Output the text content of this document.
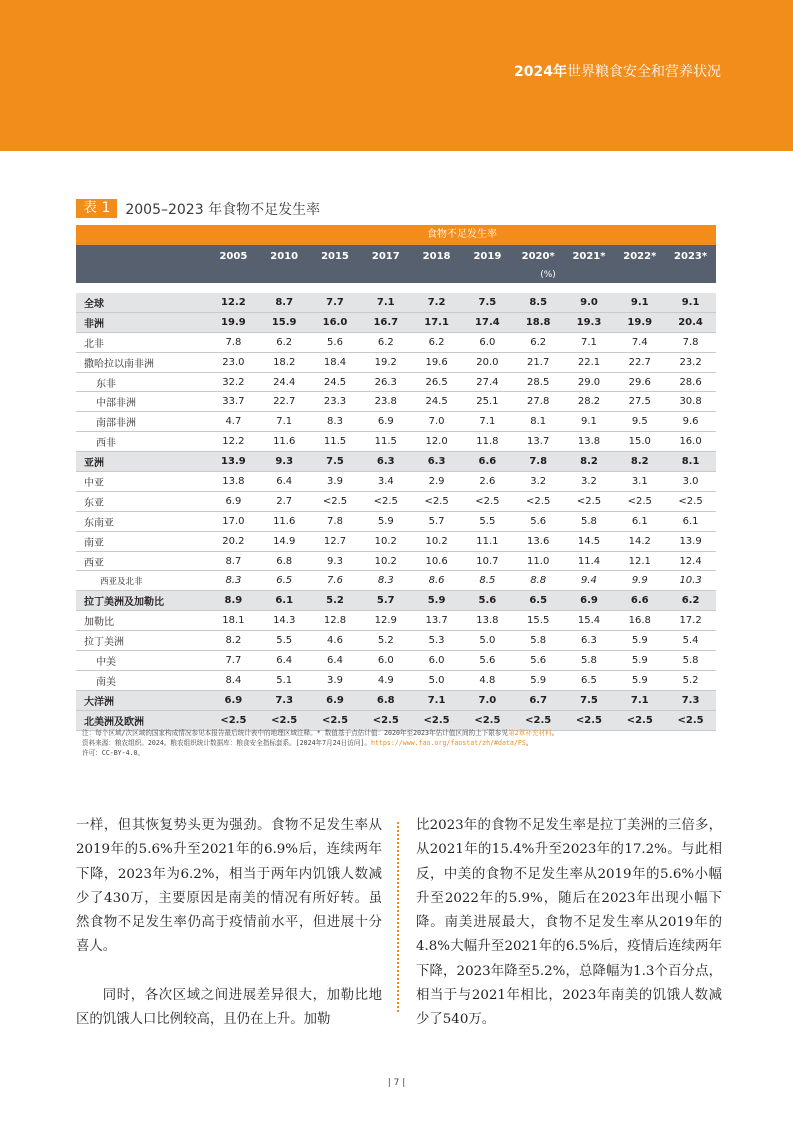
2024年世界粮食安全和营养状况
表 1	2005–2023 年食物不足发生率
食物不足发生率
2005	2010	2015	2017	2018	2019	2020*	2021*	2022*	2023*
(%)
全球	12.2	8.7	7.7	7.1	7.2	7.5	8.5	9.0	9.1	9.1
非洲	19.9	15.9	16.0	16.7	17.1	17.4	18.8	19.3	19.9	20.4
北非	7.8	6.2	5.6	6.2	6.2	6.0	6.2	7.1	7.4	7.8
撒哈拉以南非洲	23.0	18.2	18.4	19.2	19.6	20.0	21.7	22.1	22.7	23.2
东非	32.2	24.4	24.5	26.3	26.5	27.4	28.5	29.0	29.6	28.6
中部非洲	33.7	22.7	23.3	23.8	24.5	25.1	27.8	28.2	27.5	30.8
南部非洲	4.7	7.1	8.3	6.9	7.0	7.1	8.1	9.1	9.5	9.6
西非	12.2	11.6	11.5	11.5	12.0	11.8	13.7	13.8	15.0	16.0
亚洲	13.9	9.3	7.5	6.3	6.3	6.6	7.8	8.2	8.2	8.1
中亚	13.8	6.4	3.9	3.4	2.9	2.6	3.2	3.2	3.1	3.0
东亚	6.9	2.7	<2.5	<2.5	<2.5	<2.5	<2.5	<2.5	<2.5	<2.5
东南亚	17.0	11.6	7.8	5.9	5.7	5.5	5.6	5.8	6.1	6.1
南亚	20.2	14.9	12.7	10.2	10.2	11.1	13.6	14.5	14.2	13.9
西亚	8.7	6.8	9.3	10.2	10.6	10.7	11.0	11.4	12.1	12.4
西亚及北非	8.3	6.5	7.6	8.3	8.6	8.5	8.8	9.4	9.9	10.3
拉丁美洲及加勒比	8.9	6.1	5.2	5.7	5.9	5.6	6.5	6.9	6.6	6.2
加勒比	18.1	14.3	12.8	12.9	13.7	13.8	15.5	15.4	16.8	17.2
拉丁美洲	8.2	5.5	4.6	5.2	5.3	5.0	5.8	6.3	5.9	5.4
中美	7.7	6.4	6.4	6.0	6.0	5.6	5.6	5.8	5.9	5.8
南美	8.4	5.1	3.9	4.9	5.0	4.8	5.9	6.5	5.9	5.2
大洋洲	6.9	7.3	6.9	6.8	7.1	7.0	6.7	7.5	7.1	7.3
北美洲及欧洲	<2.5	<2.5	<2.5	<2.5	<2.5	<2.5	<2.5	<2.5	<2.5	<2.5
注：每个区域/次区域的国家构成情况参见本报告最后统计表中的地理区域注释。* 数值基于点估计值：2020年至2023年估计值区间的上下限参见第2章补充材料。
资料来源：粮农组织。2024。粮农组织统计数据库：粮食安全指标套系。[2024年7月24日访问]。https://www.fao.org/faostat/zh/#data/FS。
许可：CC-BY-4.0。

一样，但其恢复势头更为强劲。食物不足发生率从2019年的5.6%升至2021年的6.9%后，连续两年下降，2023年为6.2%，相当于两年内饥饿人数减少了430万，主要原因是南美的情况有所好转。虽然食物不足发生率仍高于疫情前水平，但进展十分喜人。

同时，各次区域之间进展差异很大，加勒比地区的饥饿人口比例较高，且仍在上升。加勒

比2023年的食物不足发生率是拉丁美洲的三倍多，从2021年的15.4%升至2023年的17.2%。与此相反，中美的食物不足发生率从2019年的5.6%小幅升至2022年的5.9%，随后在2023年出现小幅下降。南美进展最大，食物不足发生率从2019年的4.8%大幅升至2021年的6.5%后，疫情后连续两年下降，2023年降至5.2%，总降幅为1.3个百分点，相当于与2021年相比，2023年南美的饥饿人数减少了540万。

| 7 |
